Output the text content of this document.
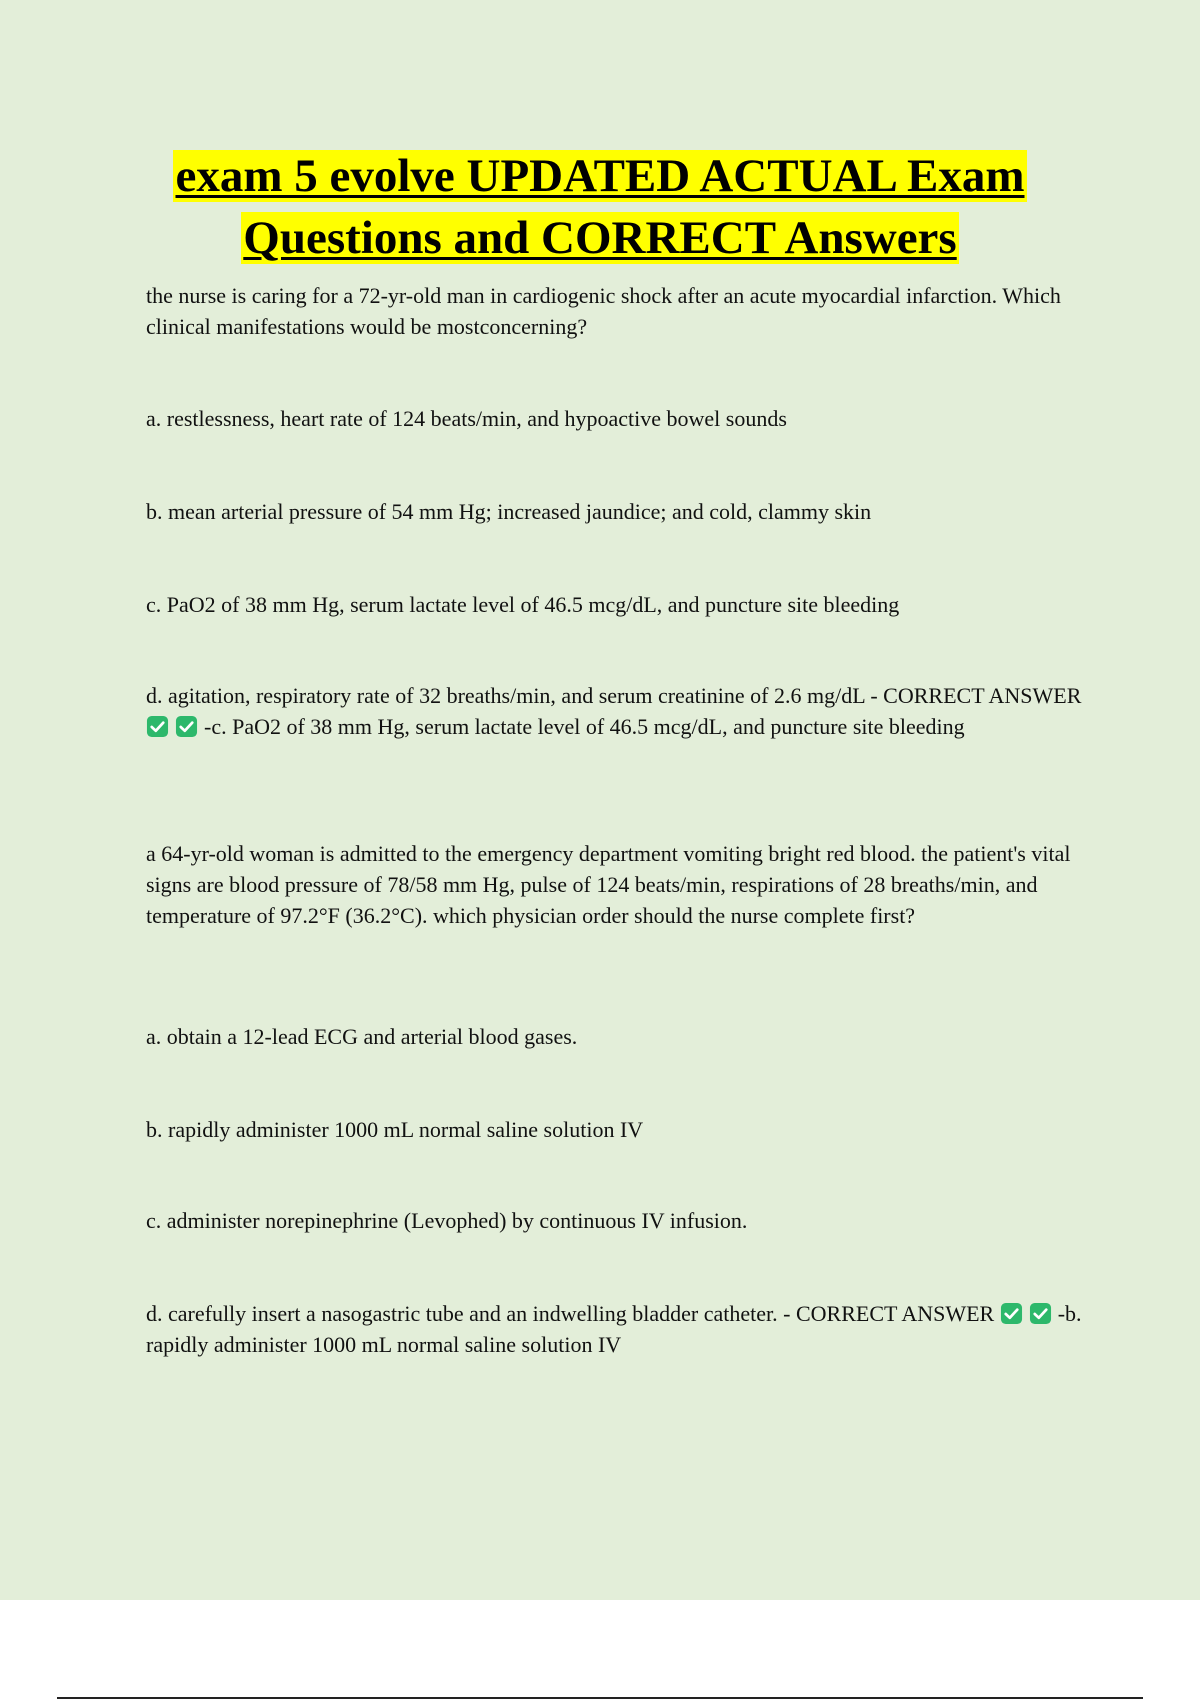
exam 5 evolve UPDATED ACTUAL Exam
Questions and CORRECT Answers

the nurse is caring for a 72-yr-old man in cardiogenic shock after an acute myocardial infarction. Which clinical manifestations would be mostconcerning?

a. restlessness, heart rate of 124 beats/min, and hypoactive bowel sounds

b. mean arterial pressure of 54 mm Hg; increased jaundice; and cold, clammy skin

c. PaO2 of 38 mm Hg, serum lactate level of 46.5 mcg/dL, and puncture site bleeding

d. agitation, respiratory rate of 32 breaths/min, and serum creatinine of 2.6 mg/dL - CORRECT ANSWER
-c. PaO2 of 38 mm Hg, serum lactate level of 46.5 mcg/dL, and puncture site bleeding

a 64-yr-old woman is admitted to the emergency department vomiting bright red blood. the patient's vital signs are blood pressure of 78/58 mm Hg, pulse of 124 beats/min, respirations of 28 breaths/min, and temperature of 97.2°F (36.2°C). which physician order should the nurse complete first?

a. obtain a 12-lead ECG and arterial blood gases.

b. rapidly administer 1000 mL normal saline solution IV

c. administer norepinephrine (Levophed) by continuous IV infusion.

d. carefully insert a nasogastric tube and an indwelling bladder catheter. - CORRECT ANSWER	-b. rapidly administer 1000 mL normal saline solution IV
